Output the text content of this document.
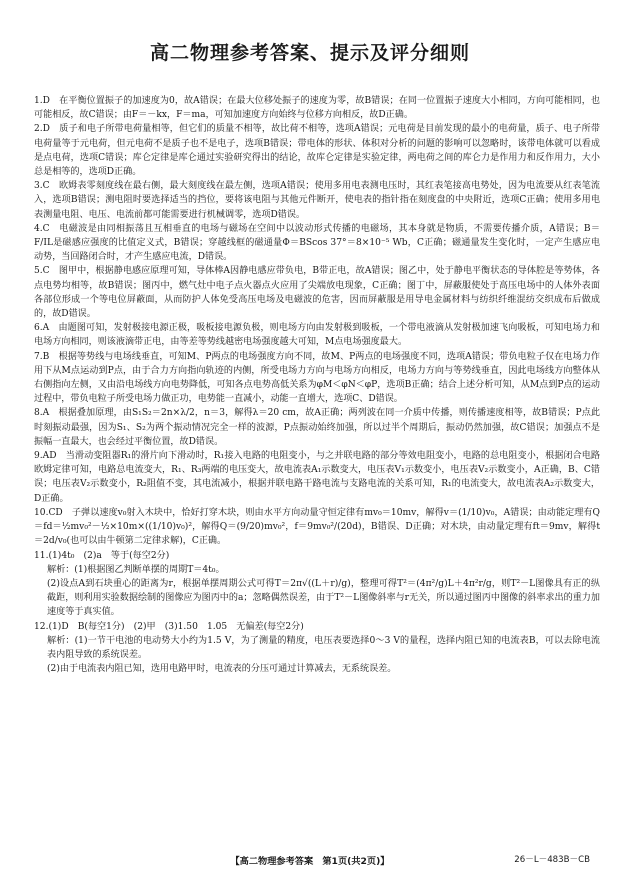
高二物理参考答案、提示及评分细则

1.D　在平衡位置振子的加速度为0，故A错误；在最大位移处振子的速度为零，故B错误；在同一位置振子速度大小相同，方向可能相同，也可能相反，故C错误；由F＝－kx，F＝ma，可知加速度方向始终与位移方向相反，故D正确。

2.D　质子和电子所带电荷量相等，但它们的质量不相等，故比荷不相等，选项A错误；元电荷是目前发现的最小的电荷量，质子、电子所带电荷量等于元电荷，但元电荷不是质子也不是电子，选项B错误；带电体的形状、体积对分析的问题的影响可以忽略时，该带电体就可以看成是点电荷，选项C错误；库仑定律是库仑通过实验研究得出的结论，故库仑定律是实验定律，两电荷之间的库仑力是作用力和反作用力，大小总是相等的，选项D正确。

3.C　欧姆表零刻度线在最右侧，最大刻度线在最左侧，选项A错误；使用多用电表测电压时，其红表笔接高电势处，因为电流要从红表笔流入，选项B错误；测电阻时要选择适当的挡位，要将该电阻与其他元件断开，使电表的指针指在刻度盘的中央附近，选项C正确；使用多用电表测量电阻、电压、电流前都可能需要进行机械调零，选项D错误。

4.C　电磁波是由同相振荡且互相垂直的电场与磁场在空间中以波动形式传播的电磁场，其本身就是物质，不需要传播介质，A错误；B＝F/IL是磁感应强度的比值定义式，B错误；穿越线框的磁通量Φ＝BScos 37°＝8×10⁻⁵ Wb，C正确；磁通量发生变化时，一定产生感应电动势，当回路闭合时，才产生感应电流，D错误。

5.C　图甲中，根据静电感应原理可知，导体棒A因静电感应带负电，B带正电，故A错误；图乙中，处于静电平衡状态的导体腔是等势体，各点电势均相等，故B错误；图丙中，燃气灶中电子点火器点火应用了尖端放电现象，C正确；图丁中，屏蔽服使处于高压电场中的人体外表面各部位形成一个等电位屏蔽面，从而防护人体免受高压电场及电磁波的危害，因而屏蔽服是用导电金属材料与纺织纤维混纺交织成布后做成的，故D错误。

6.A　由题图可知，发射极接电源正极，吸板接电源负极，则电场方向由发射极到吸板，一个带电液滴从发射极加速飞向吸板，可知电场力和电场方向相同，则该液滴带正电，由等差等势线越密电场强度越大可知，M点电场强度最大。

7.B　根据等势线与电场线垂直，可知M、P两点的电场强度方向不同，故M、P两点的电场强度不同，选项A错误；带负电粒子仅在电场力作用下从M点运动到P点，由于合力方向指向轨迹的内侧，所受电场力方向与电场方向相反，电场力方向与等势线垂直，因此电场线方向整体从右侧指向左侧，又由沿电场线方向电势降低，可知各点电势高低关系为φM＜φN＜φP，选项B正确；结合上述分析可知，从M点到P点的运动过程中，带负电粒子所受电场力做正功，电势能一直减小，动能一直增大，选项C、D错误。

8.A　根据叠加原理，由S₁S₂＝2n×λ/2，n＝3，解得λ＝20 cm，故A正确；两列波在同一介质中传播，则传播速度相等，故B错误；P点此时刻振动最强，因为S₁、S₂为两个振动情况完全一样的波源，P点振动始终加强，所以过半个周期后，振动仍然加强，故C错误；加强点不是振幅一直最大，也会经过平衡位置，故D错误。

9.AD　当滑动变阻器R₁的滑片向下滑动时，R₁接入电路的电阻变小，与之并联电路的部分等效电阻变小，电路的总电阻变小，根据闭合电路欧姆定律可知，电路总电流变大，R₁、R₃两端的电压变大，故电流表A₁示数变大，电压表V₁示数变小，电压表V₂示数变小，A正确，B、C错误；电压表V₂示数变小，R₂阻值不变，其电流减小，根据并联电路干路电流与支路电流的关系可知，R₁的电流变大，故电流表A₂示数变大，D正确。

10.CD　子弹以速度v₀射入木块中，恰好打穿木块，则由水平方向动量守恒定律有mv₀＝10mv，解得v＝(1/10)v₀，A错误；由动能定理有Q＝fd＝½mv₀²－½×10m×((1/10)v₀)²，解得Q＝(9/20)mv₀²，f＝9mv₀²/(20d)，B错误、D正确；对木块，由动量定理有ft＝9mv，解得t＝2d/v₀(也可以由牛顿第二定律求解)，C正确。

11.(1)4t₀　(2)a　等于(每空2分)
解析：(1)根据图乙判断单摆的周期T＝4t₀。
(2)设点A到石块重心的距离为r，根据单摆周期公式可得T＝2π√((L＋r)/g)，整理可得T²＝(4π²/g)L＋4π²r/g，则T²－L图像具有正的纵截距，则利用实验数据绘制的图像应为图丙中的a；忽略偶然误差，由于T²－L图像斜率与r无关，所以通过图丙中图像的斜率求出的重力加速度等于真实值。

12.(1)D　B(每空1分)　(2)甲　(3)1.50　1.05　无偏差(每空2分)
解析：(1)一节干电池的电动势大小约为1.5 V，为了测量的精度，电压表要选择0～3 V的量程，选择内阻已知的电流表B，可以去除电流表内阻导致的系统误差。
(2)由于电流表内阻已知，选用电路甲时，电流表的分压可通过计算减去，无系统误差。

【高二物理参考答案　第1页(共2页)】	26－L－483B－CB
